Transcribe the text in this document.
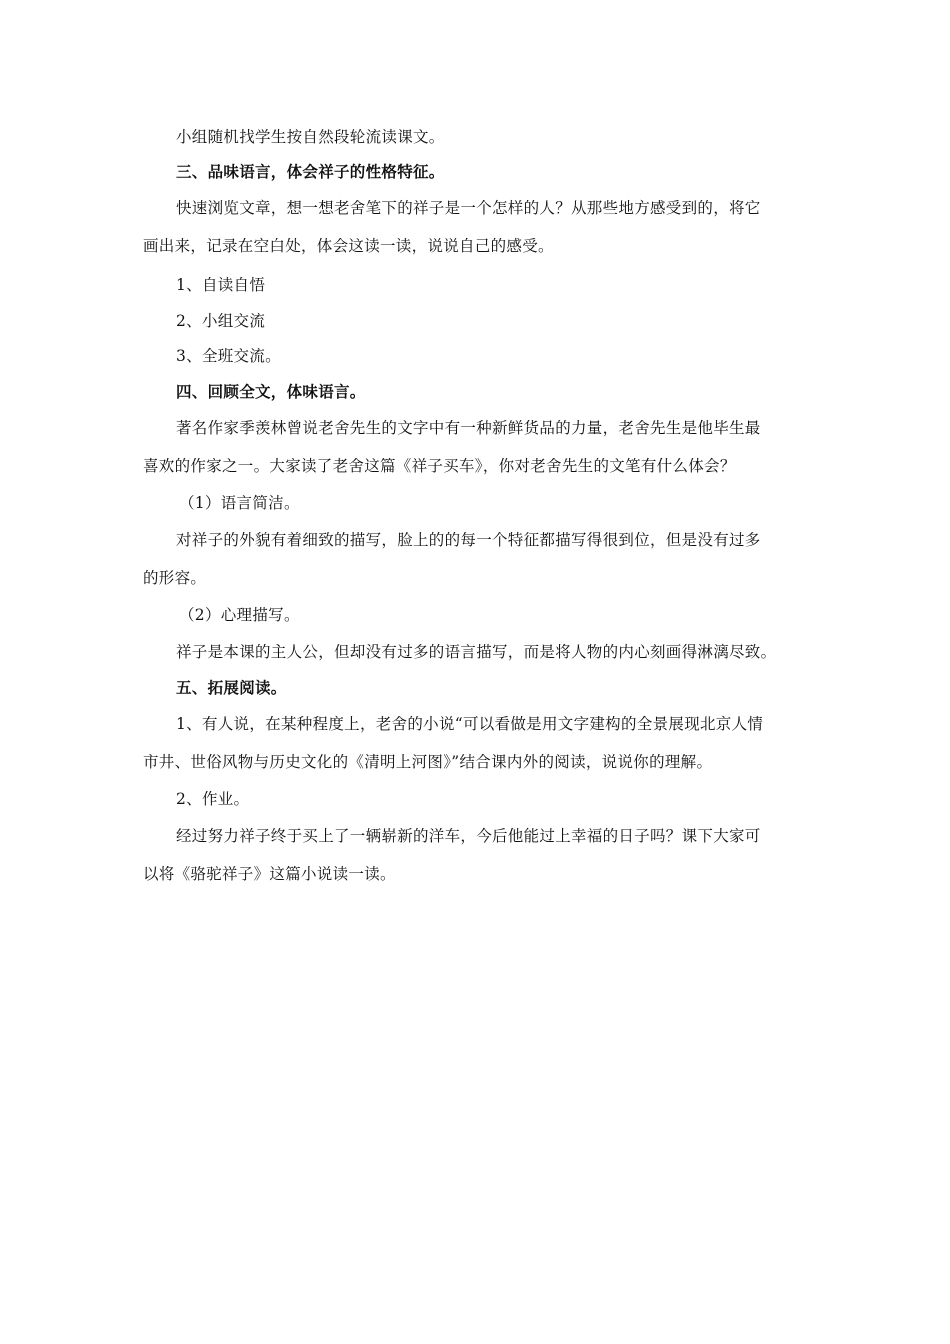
小组随机找学生按自然段轮流读课文。
三、品味语言，体会祥子的性格特征。
快速浏览文章，想一想老舍笔下的祥子是一个怎样的人？从那些地方感受到的，将它
画出来，记录在空白处，体会这读一读，说说自己的感受。
1、自读自悟
2、小组交流
3、全班交流。
四、回顾全文，体味语言。
著名作家季羡林曾说老舍先生的文字中有一种新鲜货品的力量，老舍先生是他毕生最
喜欢的作家之一。大家读了老舍这篇《祥子买车》，你对老舍先生的文笔有什么体会？
（1）语言简洁。
对祥子的外貌有着细致的描写，脸上的的每一个特征都描写得很到位，但是没有过多
的形容。
（2）心理描写。
祥子是本课的主人公，但却没有过多的语言描写，而是将人物的内心刻画得淋漓尽致。
五、拓展阅读。
1、有人说，在某种程度上，老舍的小说“可以看做是用文字建构的全景展现北京人情
市井、世俗风物与历史文化的《清明上河图》”结合课内外的阅读，说说你的理解。
2、作业。
经过努力祥子终于买上了一辆崭新的洋车，今后他能过上幸福的日子吗？课下大家可
以将《骆驼祥子》这篇小说读一读。
